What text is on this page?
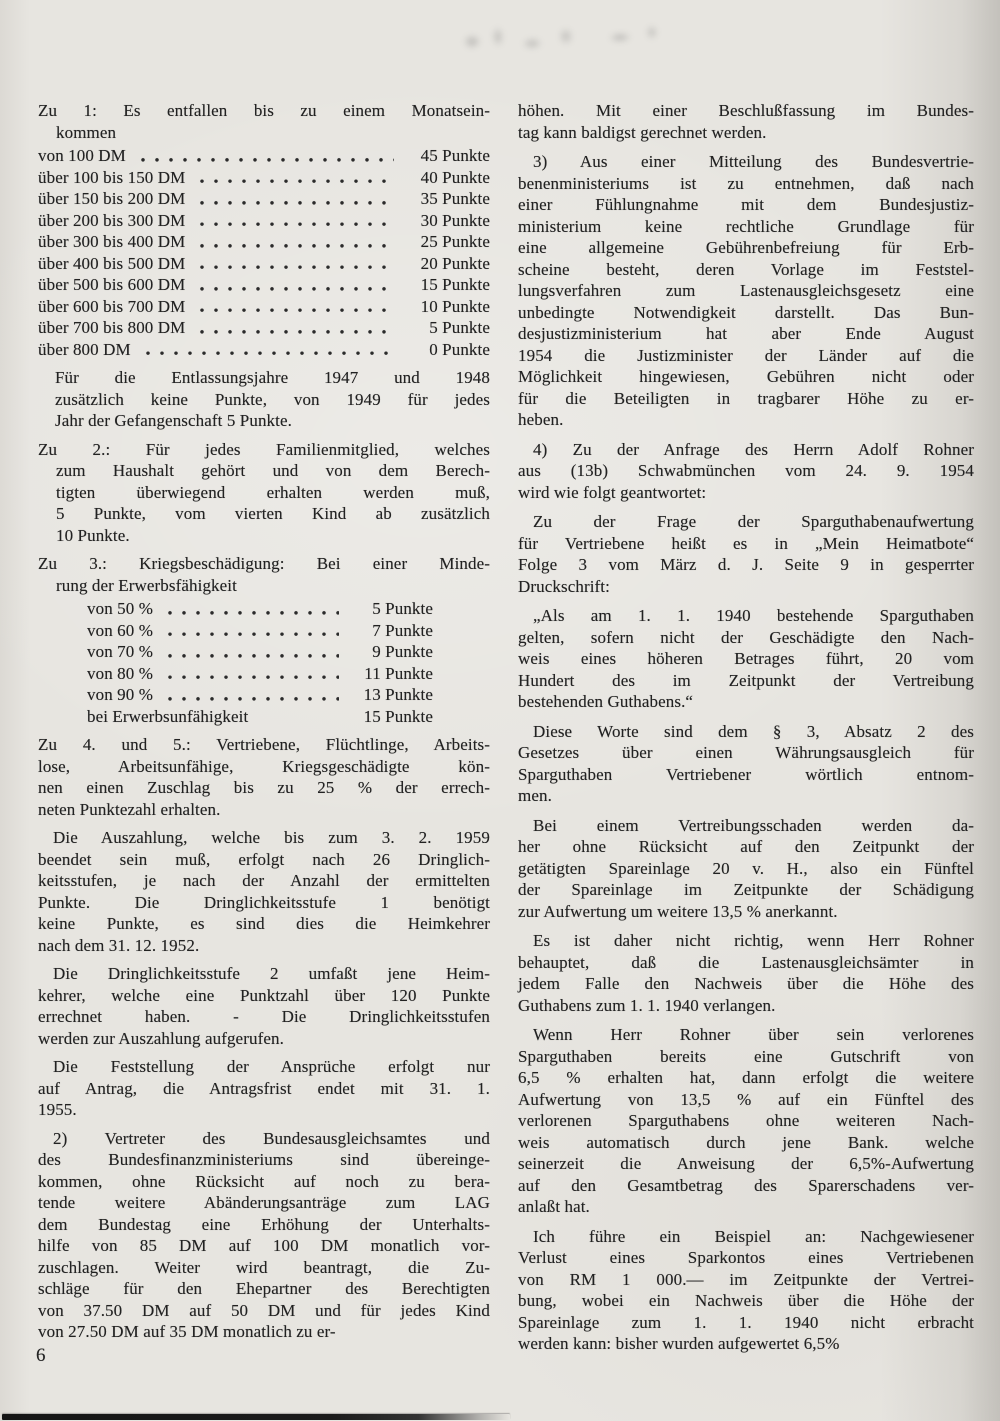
Zu 1: Es entfallen bis zu einem Monatsein-
kommen
von 100 DM	45 Punkte
über 100 bis 150 DM	40 Punkte
über 150 bis 200 DM	35 Punkte
über 200 bis 300 DM	30 Punkte
über 300 bis 400 DM	25 Punkte
über 400 bis 500 DM	20 Punkte
über 500 bis 600 DM	15 Punkte
über 600 bis 700 DM	10 Punkte
über 700 bis 800 DM	5 Punkte
über 800 DM	0 Punkte
Für die Entlassungsjahre 1947 und 1948
zusätzlich keine Punkte, von 1949 für jedes
Jahr der Gefangenschaft 5 Punkte.
Zu 2.: Für jedes Familienmitglied, welches
zum Haushalt gehört und von dem Berech-
tigten überwiegend erhalten werden muß,
5 Punkte, vom vierten Kind ab zusätzlich
10 Punkte.
Zu 3.: Kriegsbeschädigung: Bei einer Minde-
rung der Erwerbsfähigkeit
von 50 %	5 Punkte
von 60 %	7 Punkte
von 70 %	9 Punkte
von 80 %	11 Punkte
von 90 %	13 Punkte
bei Erwerbsunfähigkeit	15 Punkte
Zu 4. und 5.: Vertriebene, Flüchtlinge, Arbeits-
lose, Arbeitsunfähige, Kriegsgeschädigte kön-
nen einen Zuschlag bis zu 25 % der errech-
neten Punktezahl erhalten.
Die Auszahlung, welche bis zum 3. 2. 1959
beendet sein muß, erfolgt nach 26 Dringlich-
keitsstufen, je nach der Anzahl der ermittelten
Punkte. Die Dringlichkeitsstufe 1 benötigt
keine Punkte, es sind dies die Heimkehrer
nach dem 31. 12. 1952.
Die Dringlichkeitsstufe 2 umfaßt jene Heim-
kehrer, welche eine Punktzahl über 120 Punkte
errechnet haben. - Die Dringlichkeitsstufen
werden zur Auszahlung aufgerufen.
Die Feststellung der Ansprüche erfolgt nur
auf Antrag, die Antragsfrist endet mit 31. 1.
1955.
2) Vertreter des Bundesausgleichsamtes und
des Bundesfinanzministeriums sind übereinge-
kommen, ohne Rücksicht auf noch zu bera-
tende weitere Abänderungsanträge zum LAG
dem Bundestag eine Erhöhung der Unterhalts-
hilfe von 85 DM auf 100 DM monatlich vor-
zuschlagen. Weiter wird beantragt, die Zu-
schläge für den Ehepartner des Berechtigten
von 37.50 DM auf 50 DM und für jedes Kind
von 27.50 DM auf 35 DM monatlich zu er-
höhen. Mit einer Beschlußfassung im Bundes-
tag kann baldigst gerechnet werden.
3) Aus einer Mitteilung des Bundesvertrie-
benenministeriums ist zu entnehmen, daß nach
einer Fühlungnahme mit dem Bundesjustiz-
ministerium keine rechtliche Grundlage für
eine allgemeine Gebührenbefreiung für Erb-
scheine besteht, deren Vorlage im Feststel-
lungsverfahren zum Lastenausgleichsgesetz eine
unbedingte Notwendigkeit darstellt. Das Bun-
desjustizministerium hat aber Ende August
1954 die Justizminister der Länder auf die
Möglichkeit hingewiesen, Gebühren nicht oder
für die Beteiligten in tragbarer Höhe zu er-
heben.
4) Zu der Anfrage des Herrn Adolf Rohner
aus (13b) Schwabmünchen vom 24. 9. 1954
wird wie folgt geantwortet:
Zu der Frage der Sparguthabenaufwertung
für Vertriebene heißt es in „Mein Heimatbote“
Folge 3 vom März d. J. Seite 9 in gesperrter
Druckschrift:
„Als am 1. 1. 1940 bestehende Sparguthaben
gelten, sofern nicht der Geschädigte den Nach-
weis eines höheren Betrages führt, 20 vom
Hundert des im Zeitpunkt der Vertreibung
bestehenden Guthabens.“
Diese Worte sind dem § 3, Absatz 2 des
Gesetzes über einen Währungsausgleich für
Sparguthaben Vertriebener wörtlich entnom-
men.
Bei einem Vertreibungsschaden werden da-
her ohne Rücksicht auf den Zeitpunkt der
getätigten Spareinlage 20 v. H., also ein Fünftel
der Spareinlage im Zeitpunkte der Schädigung
zur Aufwertung um weitere 13,5 % anerkannt.
Es ist daher nicht richtig, wenn Herr Rohner
behauptet, daß die Lastenausgleichsämter in
jedem Falle den Nachweis über die Höhe des
Guthabens zum 1. 1. 1940 verlangen.
Wenn Herr Rohner über sein verlorenes
Sparguthaben bereits eine Gutschrift von
6,5 % erhalten hat, dann erfolgt die weitere
Aufwertung von 13,5 % auf ein Fünftel des
verlorenen Sparguthabens ohne weiteren Nach-
weis automatisch durch jene Bank. welche
seinerzeit die Anweisung der 6,5%-Aufwertung
auf den Gesamtbetrag des Sparerschadens ver-
anlaßt hat.
Ich führe ein Beispiel an: Nachgewiesener
Verlust eines Sparkontos eines Vertriebenen
von RM 1 000.— im Zeitpunkte der Vertrei-
bung, wobei ein Nachweis über die Höhe der
Spareinlage zum 1. 1. 1940 nicht erbracht
werden kann: bisher wurden aufgewertet 6,5%
6
